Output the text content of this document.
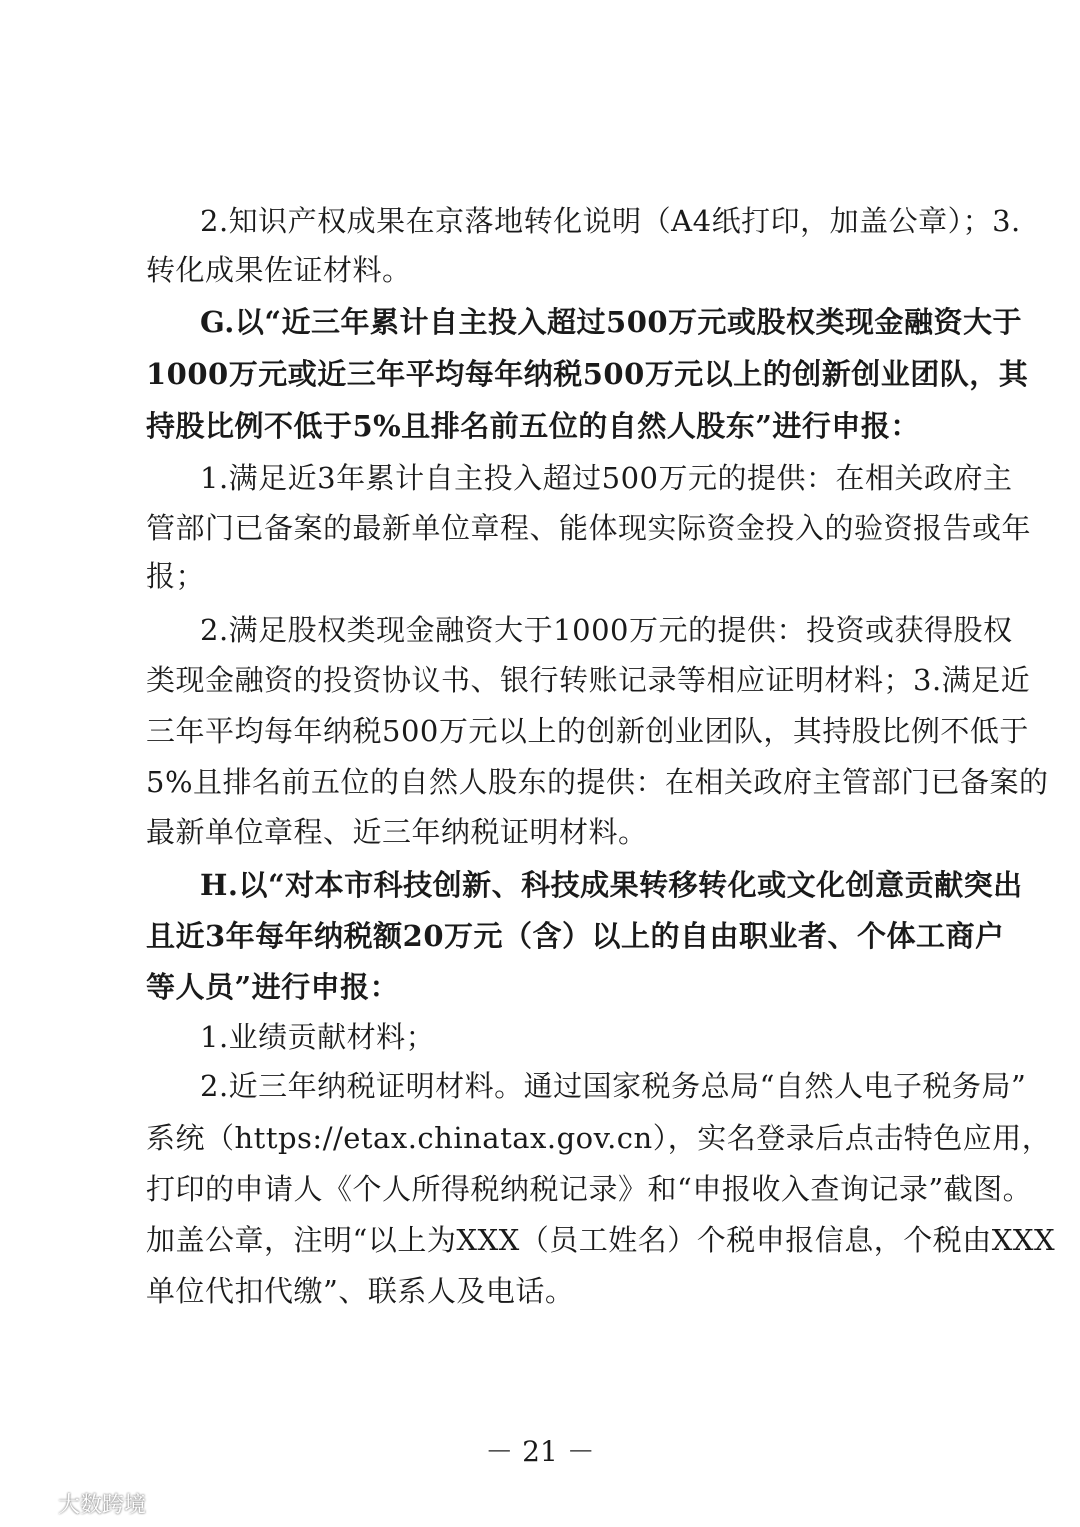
2.知识产权成果在京落地转化说明（A4纸打印，加盖公章）；3.
转化成果佐证材料。
G.以“近三年累计自主投入超过500万元或股权类现金融资大于
1000万元或近三年平均每年纳税500万元以上的创新创业团队，其
持股比例不低于5%且排名前五位的自然人股东”进行申报：
1.满足近3年累计自主投入超过500万元的提供：在相关政府主
管部门已备案的最新单位章程、能体现实际资金投入的验资报告或年
报；
2.满足股权类现金融资大于1000万元的提供：投资或获得股权
类现金融资的投资协议书、银行转账记录等相应证明材料；3.满足近
三年平均每年纳税500万元以上的创新创业团队，其持股比例不低于
5%且排名前五位的自然人股东的提供：在相关政府主管部门已备案的
最新单位章程、近三年纳税证明材料。
H.以“对本市科技创新、科技成果转移转化或文化创意贡献突出
且近3年每年纳税额20万元（含）以上的自由职业者、个体工商户
等人员”进行申报：
1.业绩贡献材料；
2.近三年纳税证明材料。通过国家税务总局“自然人电子税务局”
系统（https://etax.chinatax.gov.cn），实名登录后点击特色应用，
打印的申请人《个人所得税纳税记录》和“申报收入查询记录”截图。
加盖公章，注明“以上为XXX（员工姓名）个税申报信息，个税由XXX
单位代扣代缴”、联系人及电话。
－ 21 －
大数跨境
